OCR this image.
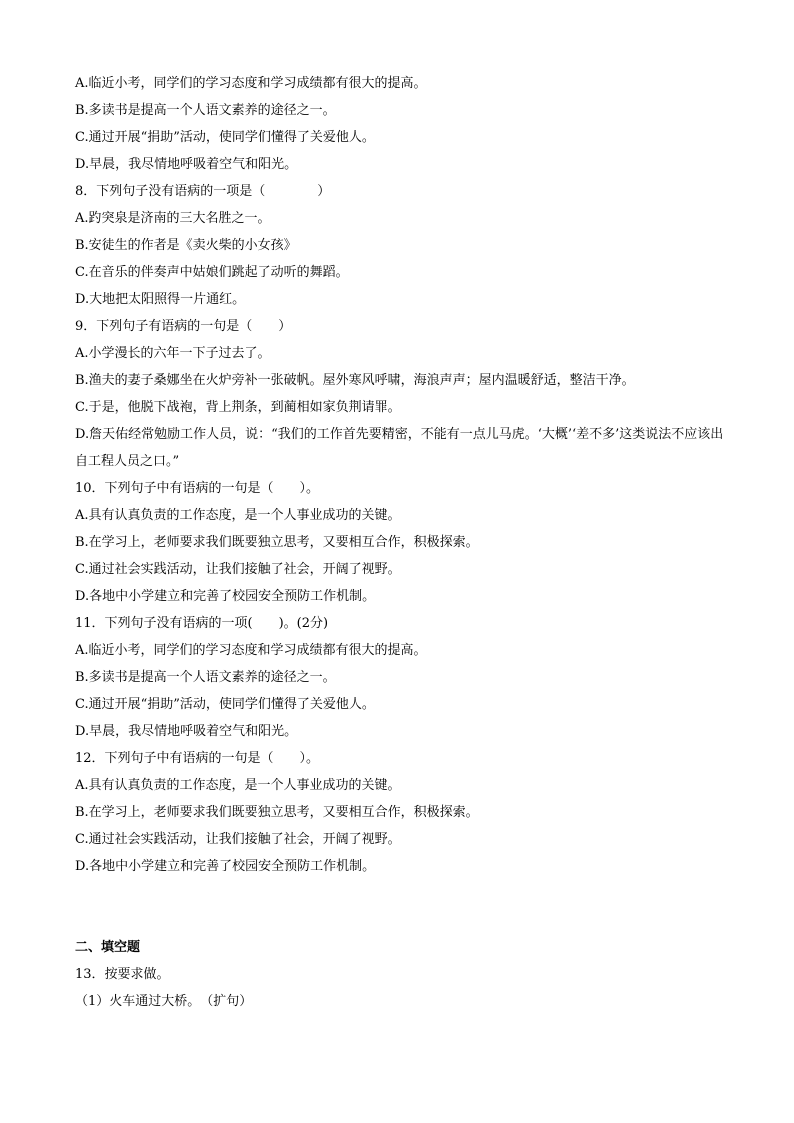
A.临近小考，同学们的学习态度和学习成绩都有很大的提高。
B.多读书是提高一个人语文素养的途径之一。
C.通过开展“捐助”活动，使同学们懂得了关爱他人。
D.早晨，我尽情地呼吸着空气和阳光。
8．下列句子没有语病的一项是（　　　　）
A.趵突泉是济南的三大名胜之一。
B.安徒生的作者是《卖火柴的小女孩》
C.在音乐的伴奏声中姑娘们跳起了动听的舞蹈。
D.大地把太阳照得一片通红。
9．下列句子有语病的一句是（　　）
A.小学漫长的六年一下子过去了。
B.渔夫的妻子桑娜坐在火炉旁补一张破帆。屋外寒风呼啸，海浪声声；屋内温暖舒适，整洁干净。
C.于是，他脱下战袍，背上荆条，到蔺相如家负荆请罪。
D.詹天佑经常勉励工作人员，说：“我们的工作首先要精密，不能有一点儿马虎。‘大概’‘差不多’这类说法不应该出自工程人员之口。”
10．下列句子中有语病的一句是（　　）。
A.具有认真负责的工作态度，是一个人事业成功的关键。
B.在学习上，老师要求我们既要独立思考，又要相互合作，积极探索。
C.通过社会实践活动，让我们接触了社会，开阔了视野。
D.各地中小学建立和完善了校园安全预防工作机制。
11．下列句子没有语病的一项(　　)。(2分)
A.临近小考，同学们的学习态度和学习成绩都有很大的提高。
B.多读书是提高一个人语文素养的途径之一。
C.通过开展“捐助”活动，使同学们懂得了关爱他人。
D.早晨，我尽情地呼吸着空气和阳光。
12．下列句子中有语病的一句是（　　）。
A.具有认真负责的工作态度，是一个人事业成功的关键。
B.在学习上，老师要求我们既要独立思考，又要相互合作，积极探索。
C.通过社会实践活动，让我们接触了社会，开阔了视野。
D.各地中小学建立和完善了校园安全预防工作机制。
二、填空题
13．按要求做。
（1）火车通过大桥。　（扩句）
